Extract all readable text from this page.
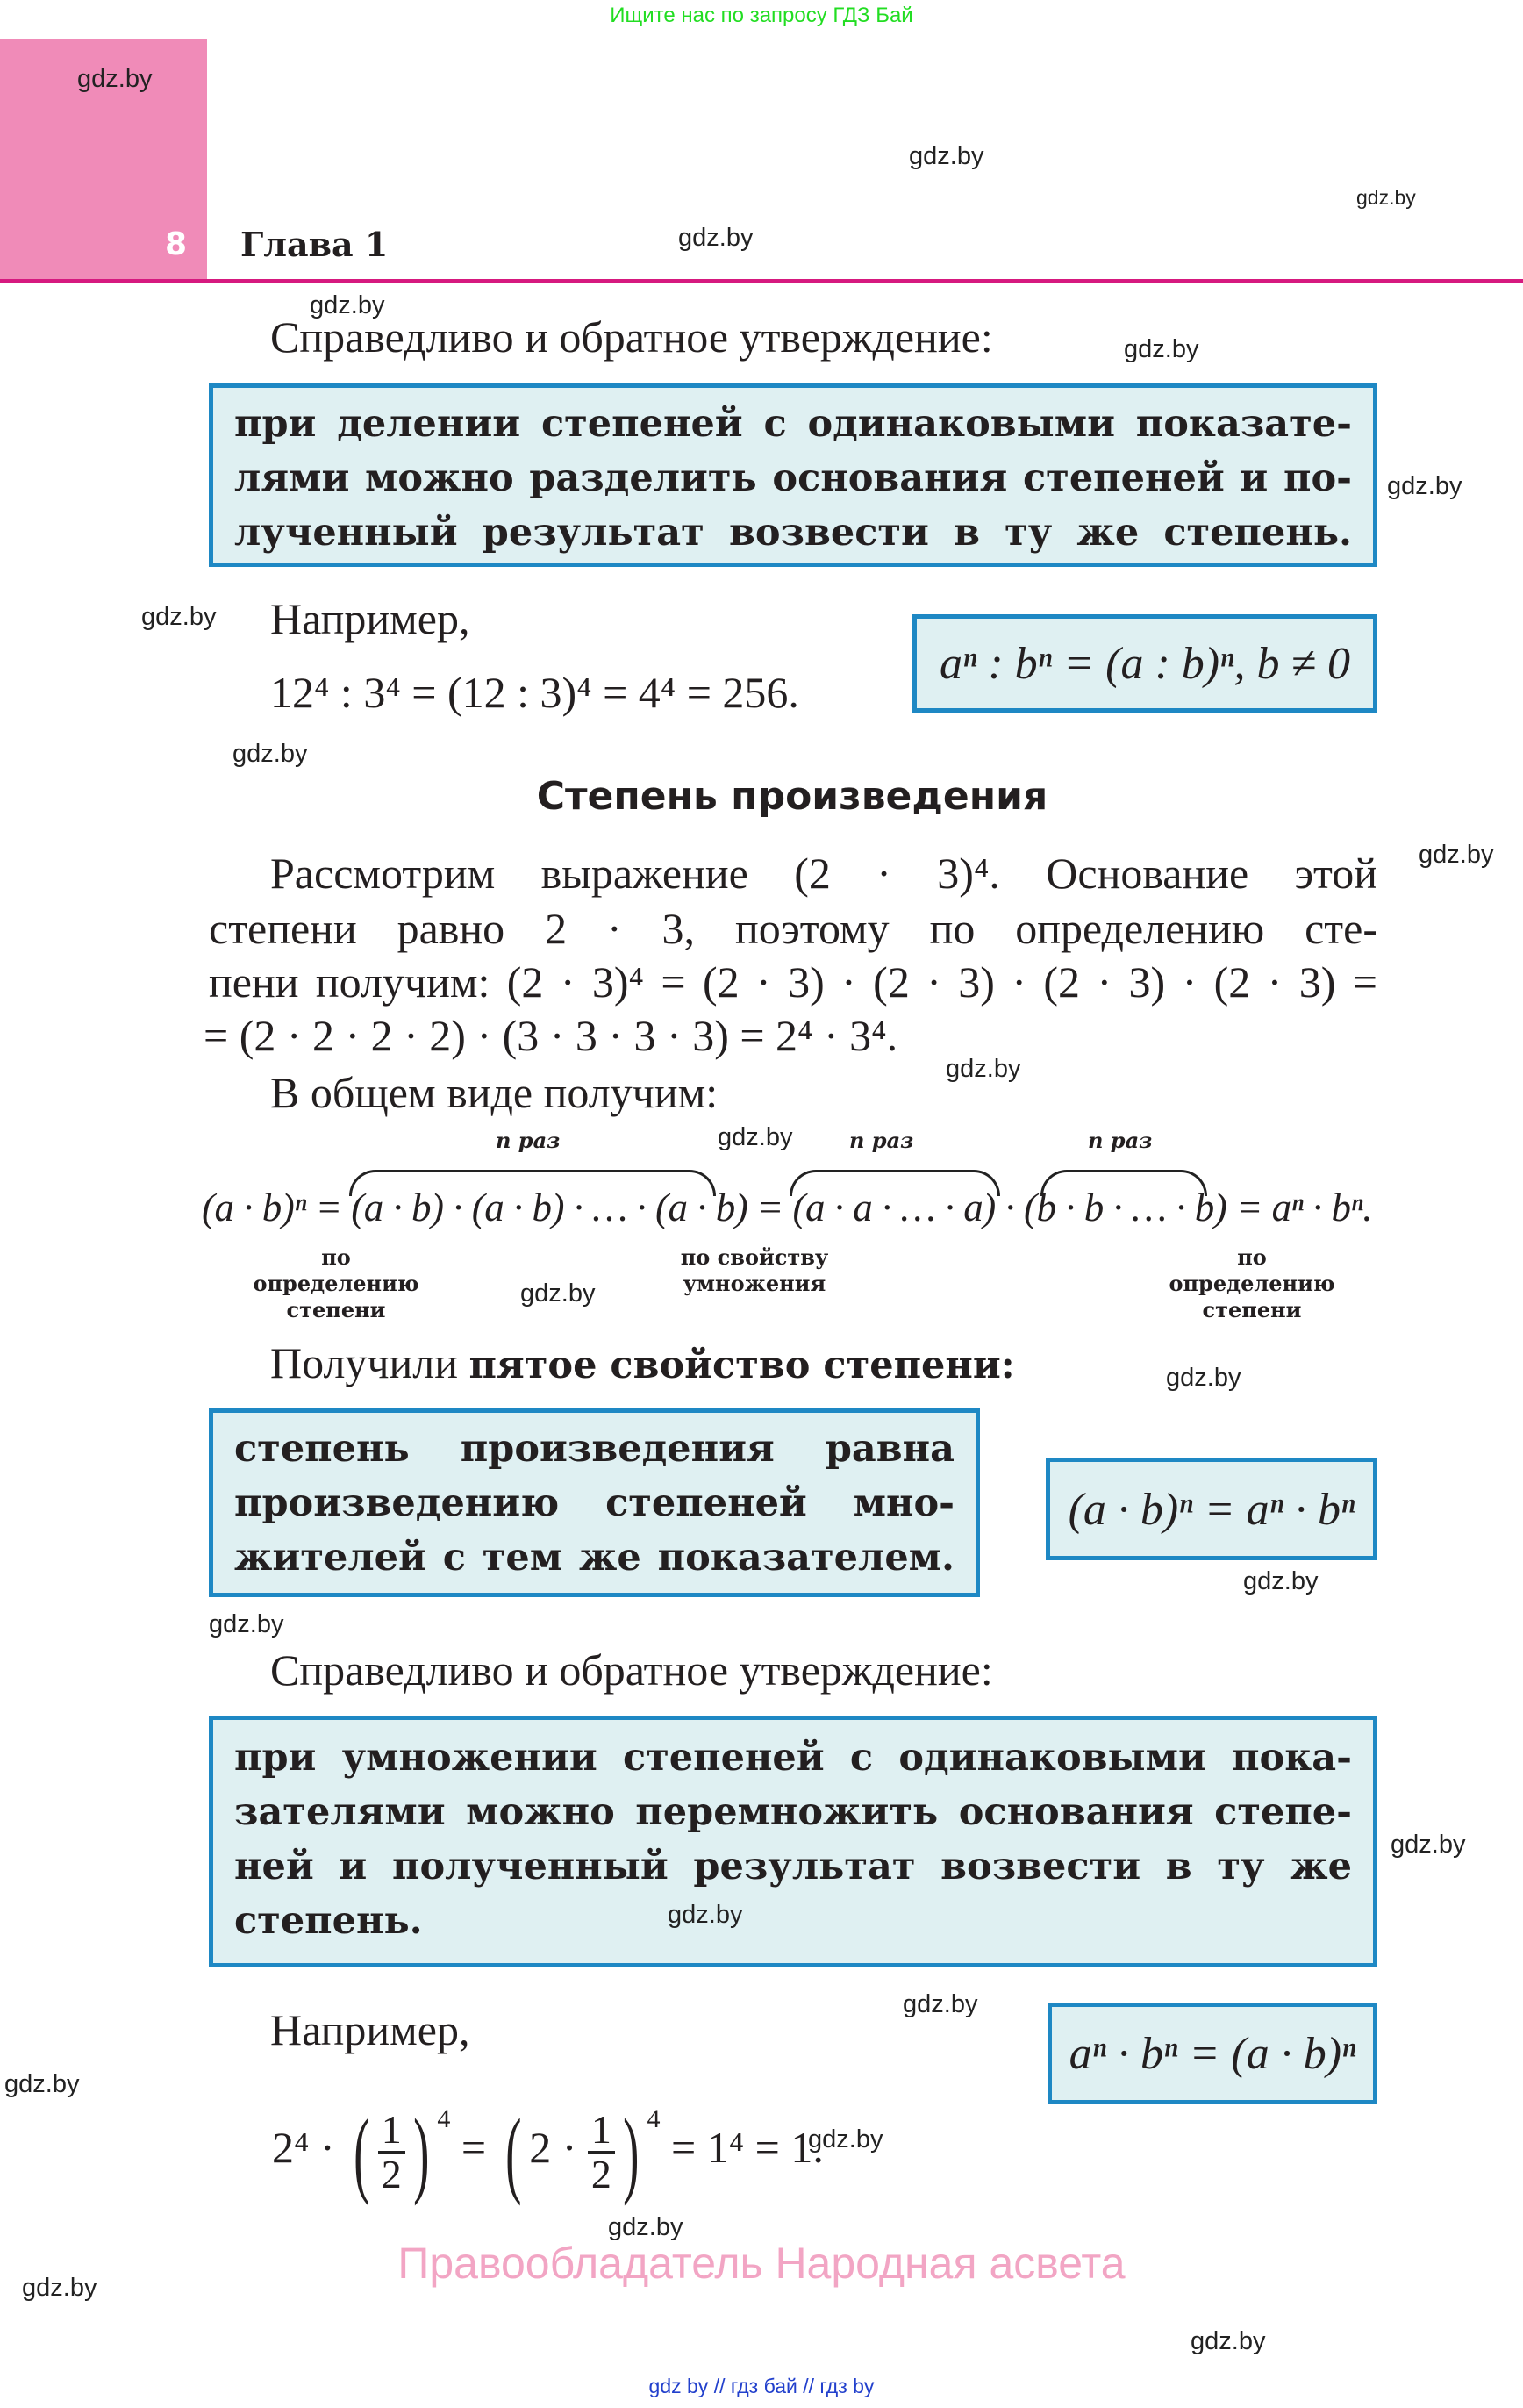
Ищите нас по запросу ГДЗ Бай
8 Глава 1
Справедливо и обратное утверждение:
при делении степеней с одинаковыми показате-
лями можно разделить основания степеней и по-
лученный результат возвести в ту же степень.
Например,
12⁴ : 3⁴ = (12 : 3)⁴ = 4⁴ = 256.
aⁿ : bⁿ = (a : b)ⁿ, b ≠ 0
Степень произведения
Рассмотрим выражение (2 · 3)⁴. Основание этой
степени равно 2 · 3, поэтому по определению сте-
пени получим: (2 · 3)⁴ = (2 · 3) · (2 · 3) · (2 · 3) · (2 · 3) =
= (2 · 2 · 2 · 2) · (3 · 3 · 3 · 3) = 2⁴ · 3⁴.
В общем виде получим:
n раз	n раз	n раз
(a · b)ⁿ = (a · b) · (a · b) · … · (a · b) = (a · a · … · a) · (b · b · … · b) = aⁿ · bⁿ.
по определению степени
по свойству умножения
по определению степени
Получили пятое свойство степени:
степень произведения равна
произведению степеней мно-
жителей с тем же показателем.
(a · b)ⁿ = aⁿ · bⁿ
Справедливо и обратное утверждение:
при умножении степеней с одинаковыми пока-
зателями можно перемножить основания степе-
ней и полученный результат возвести в ту же
степень.
Например,
2⁴ · ( $\frac{1}{2}$ ) $^4$ = ( $2 \cdot \frac{1}{2}$ ) $^4$ = 1⁴ = 1.
aⁿ · bⁿ = (a · b)ⁿ
Правообладатель Народная асвета
gdz by // гдз бай // гдз by
gdz.by
gdz.by
gdz.by
gdz.by
gdz.by
gdz.by
gdz.by
gdz.by
gdz.by
gdz.by
gdz.by
gdz.by
gdz.by
gdz.by
gdz.by
gdz.by
gdz.by
gdz.by
gdz.by
gdz.by
gdz.by
gdz.by
gdz.by
gdz.by
